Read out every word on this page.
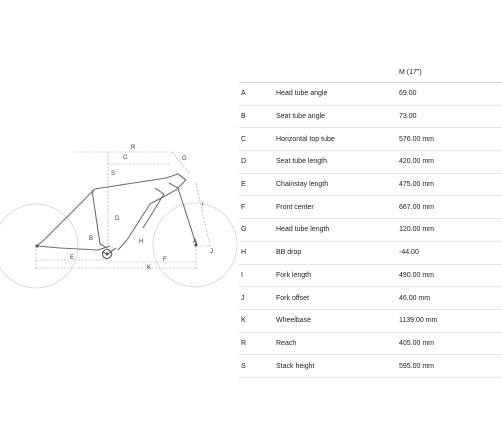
C
R
G
S
D
I
B	H	A
J
E	F
K
		M (17")
A	Head tube angle	69.00
B	Seat tube angle	73.00
C	Horizontal top tube	576.00 mm
D	Seat tube length	420.00 mm
E	Chainstay length	475.00 mm
F	Front center	667.00 mm
G	Head tube length	120.00 mm
H	BB drop	-44.00
I	Fork length	490.00 mm
J	Fork offset	46.00 mm
K	Wheelbase	1139.00 mm
R	Reach	405.00 mm
S	Stack height	595.00 mm
